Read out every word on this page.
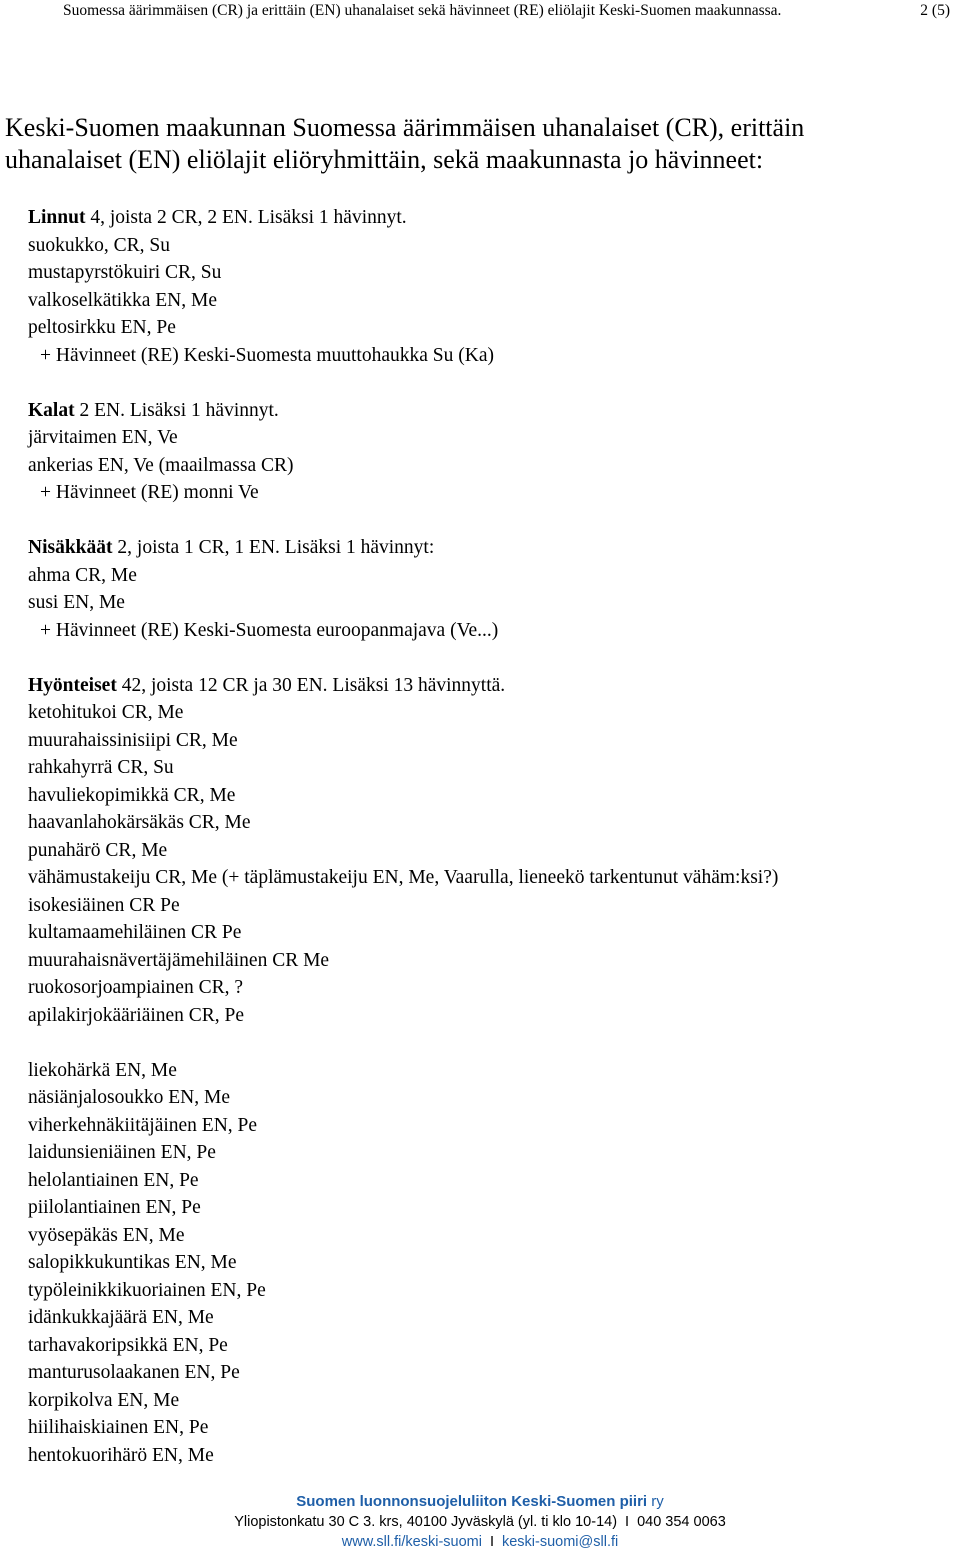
Suomessa äärimmäisen (CR) ja erittäin (EN) uhanalaiset sekä hävinneet (RE) eliölajit Keski-Suomen maakunnassa.	2 (5)
Keski-Suomen maakunnan Suomessa äärimmäisen uhanalaiset (CR), erittäin
uhanalaiset (EN) eliölajit eliöryhmittäin, sekä maakunnasta jo hävinneet:
Linnut 4, joista 2 CR, 2 EN. Lisäksi 1 hävinnyt.
suokukko, CR, Su
mustapyrstökuiri CR, Su
valkoselkätikka EN, Me
peltosirkku EN, Pe
+ Hävinneet (RE) Keski-Suomesta muuttohaukka Su (Ka)
Kalat 2 EN. Lisäksi 1 hävinnyt.
järvitaimen EN, Ve
ankerias EN, Ve (maailmassa CR)
+ Hävinneet (RE) monni Ve
Nisäkkäät 2, joista 1 CR, 1 EN. Lisäksi 1 hävinnyt:
ahma CR, Me
susi EN, Me
+ Hävinneet (RE) Keski-Suomesta euroopanmajava (Ve...)
Hyönteiset 42, joista 12 CR ja 30 EN. Lisäksi 13 hävinnyttä.
ketohitukoi CR, Me
muurahaissinisiipi CR, Me
rahkahyrrä CR, Su
havuliekopimikkä CR, Me
haavanlahokärsäkäs CR, Me
punahärö CR, Me
vähämustakeiju CR, Me (+ täplämustakeiju EN, Me, Vaarulla, lieneekö tarkentunut vähäm:ksi?)
isokesiäinen CR Pe
kultamaamehiläinen CR Pe
muurahaisnävertäjämehiläinen CR Me
ruokosorjoampiainen CR, ?
apilakirjokääriäinen CR, Pe
liekohärkä EN, Me
näsiänjalosoukko EN, Me
viherkehnäkiitäjäinen EN, Pe
laidunsieniäinen EN, Pe
helolantiainen EN, Pe
piilolantiainen EN, Pe
vyösepäkäs EN, Me
salopikkukuntikas EN, Me
typöleinikkikuoriainen EN, Pe
idänkukkajäärä EN, Me
tarhavakoripsikkä EN, Pe
manturusolaakanen EN, Pe
korpikolva EN, Me
hiilihaiskiainen EN, Pe
hentokuorihärö EN, Me
Suomen luonnonsuojeluliiton Keski-Suomen piiri ry
Yliopistonkatu 30 C 3. krs, 40100 Jyväskylä (yl. ti klo 10-14) I 040 354 0063
www.sll.fi/keski-suomi I keski-suomi@sll.fi
